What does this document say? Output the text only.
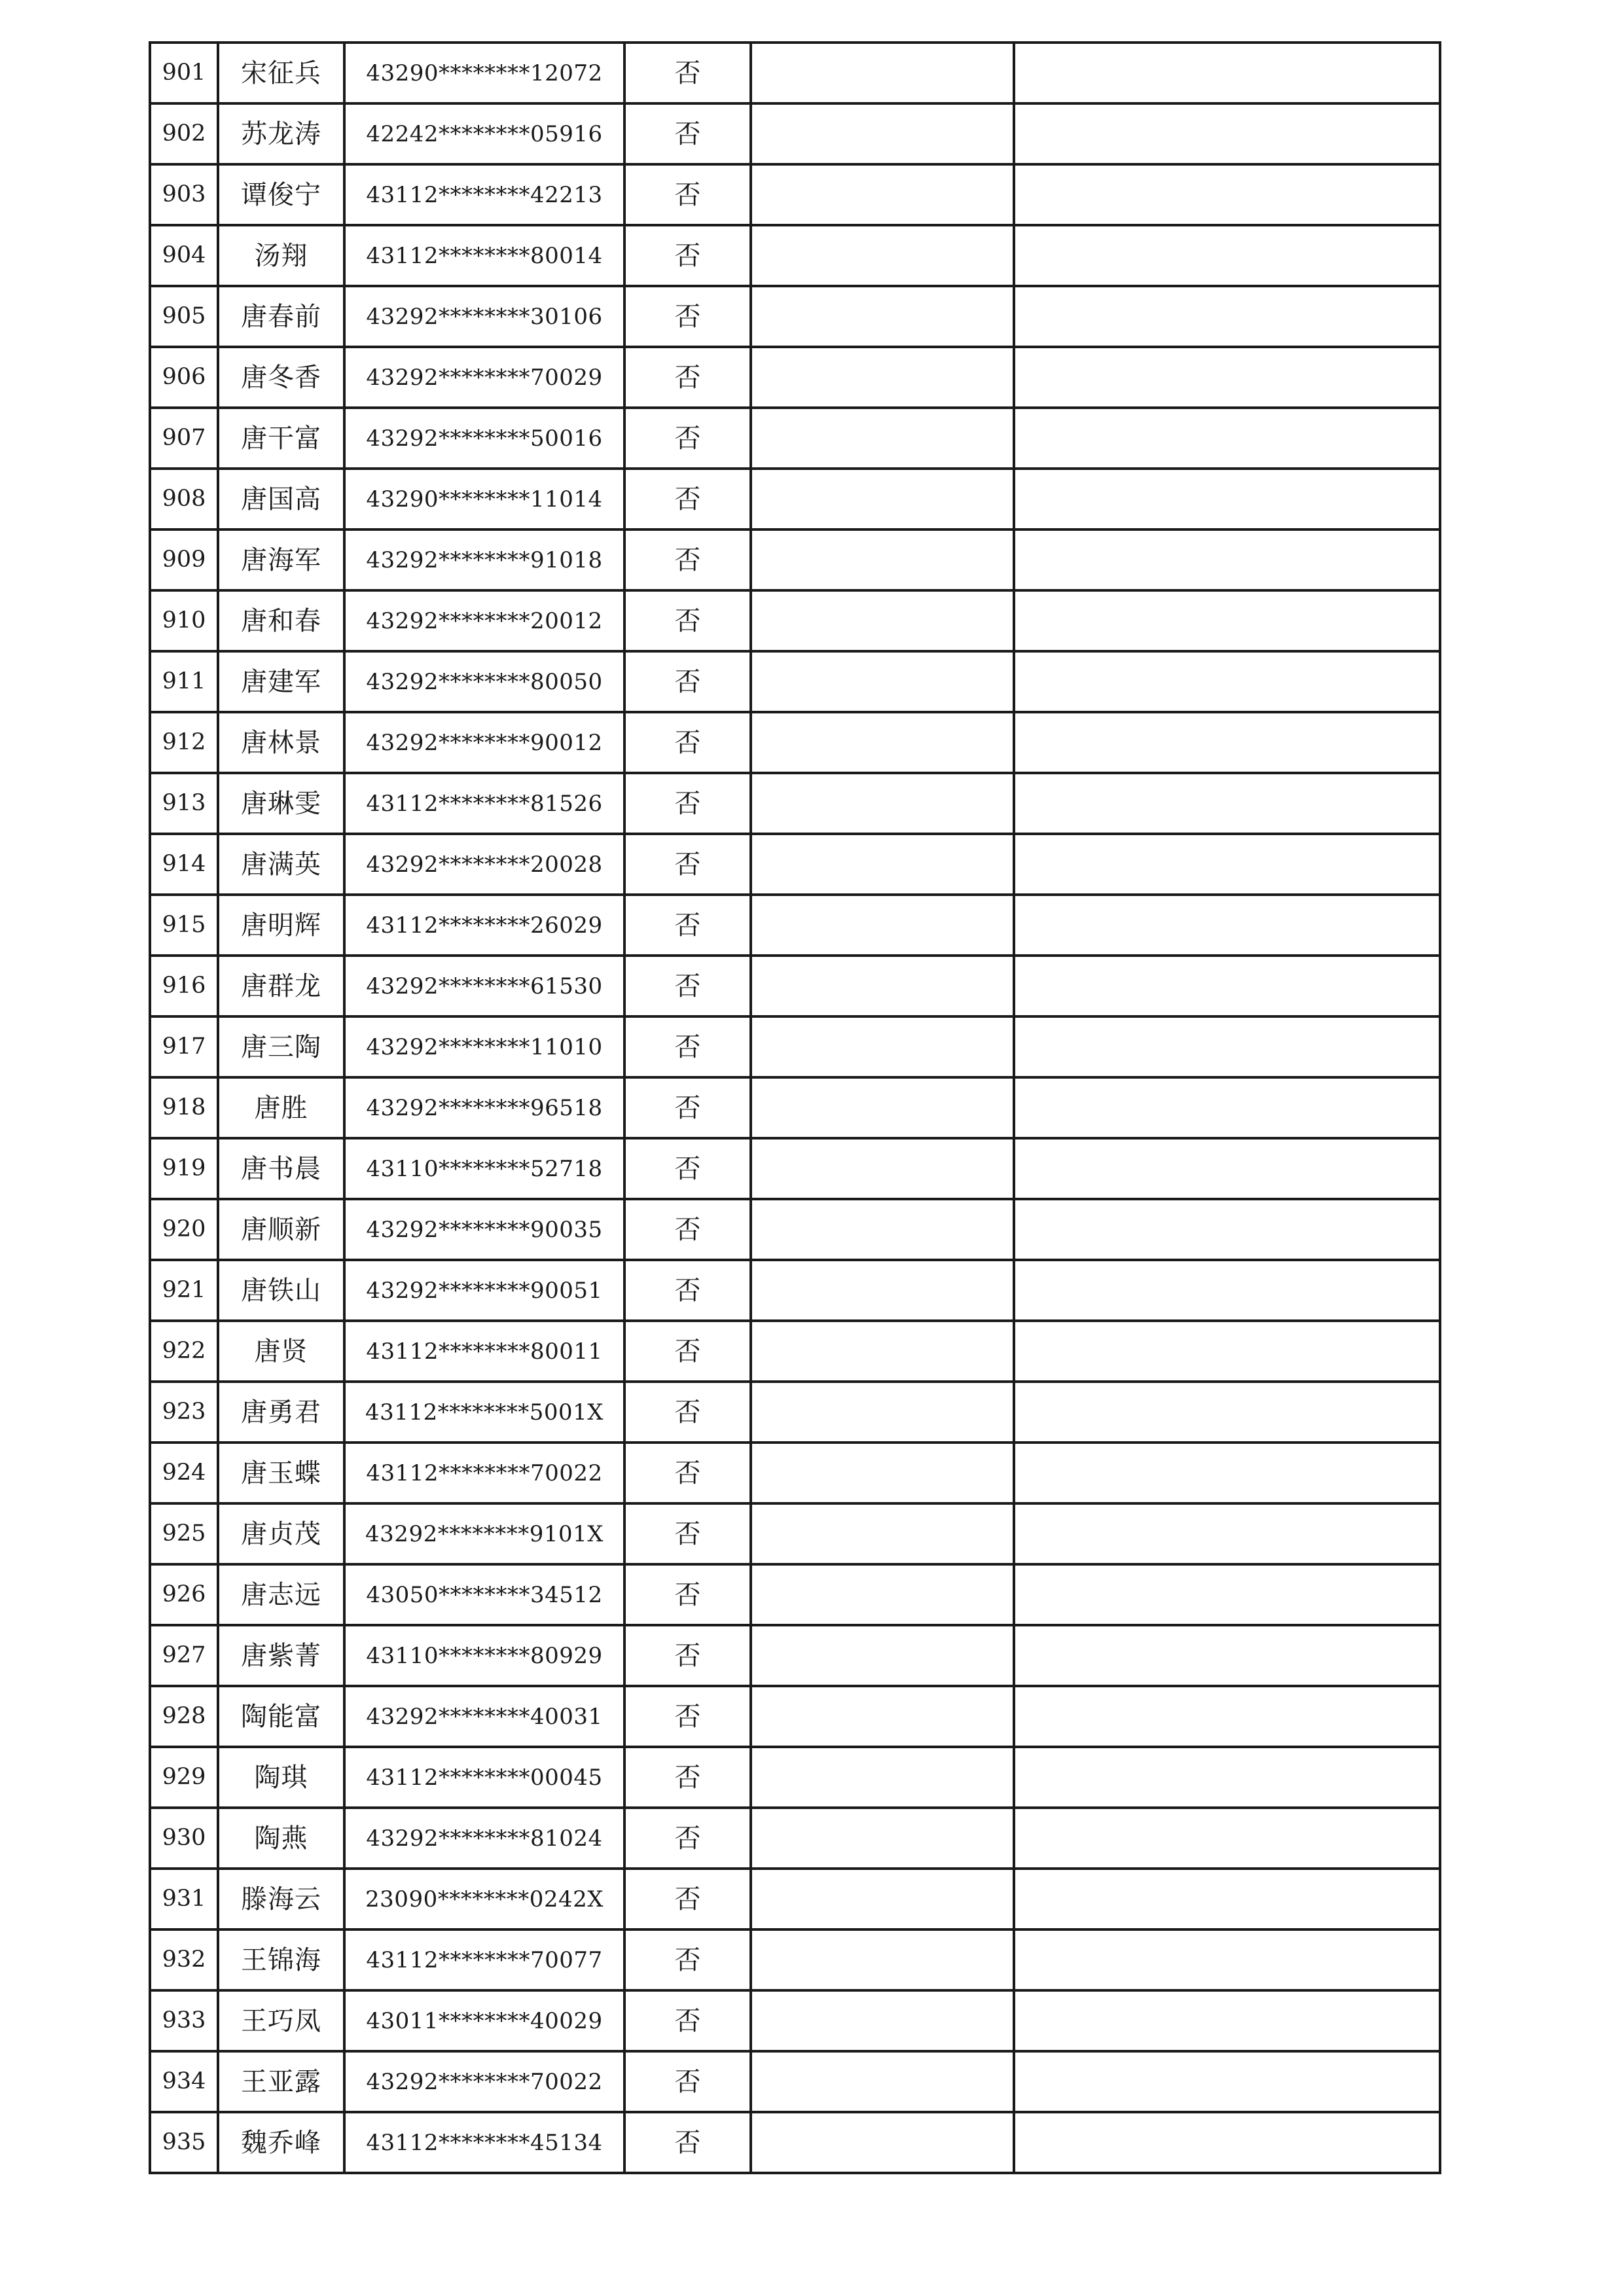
901	宋征兵	43290********12072	否		
902	苏龙涛	42242********05916	否		
903	谭俊宁	43112********42213	否		
904	汤翔	43112********80014	否		
905	唐春前	43292********30106	否		
906	唐冬香	43292********70029	否		
907	唐干富	43292********50016	否		
908	唐国高	43290********11014	否		
909	唐海军	43292********91018	否		
910	唐和春	43292********20012	否		
911	唐建军	43292********80050	否		
912	唐林景	43292********90012	否		
913	唐琳雯	43112********81526	否		
914	唐满英	43292********20028	否		
915	唐明辉	43112********26029	否		
916	唐群龙	43292********61530	否		
917	唐三陶	43292********11010	否		
918	唐胜	43292********96518	否		
919	唐书晨	43110********52718	否		
920	唐顺新	43292********90035	否		
921	唐铁山	43292********90051	否		
922	唐贤	43112********80011	否		
923	唐勇君	43112********5001X	否		
924	唐玉蝶	43112********70022	否		
925	唐贞茂	43292********9101X	否		
926	唐志远	43050********34512	否		
927	唐紫菁	43110********80929	否		
928	陶能富	43292********40031	否		
929	陶琪	43112********00045	否		
930	陶燕	43292********81024	否		
931	滕海云	23090********0242X	否		
932	王锦海	43112********70077	否		
933	王巧凤	43011********40029	否		
934	王亚露	43292********70022	否		
935	魏乔峰	43112********45134	否		
